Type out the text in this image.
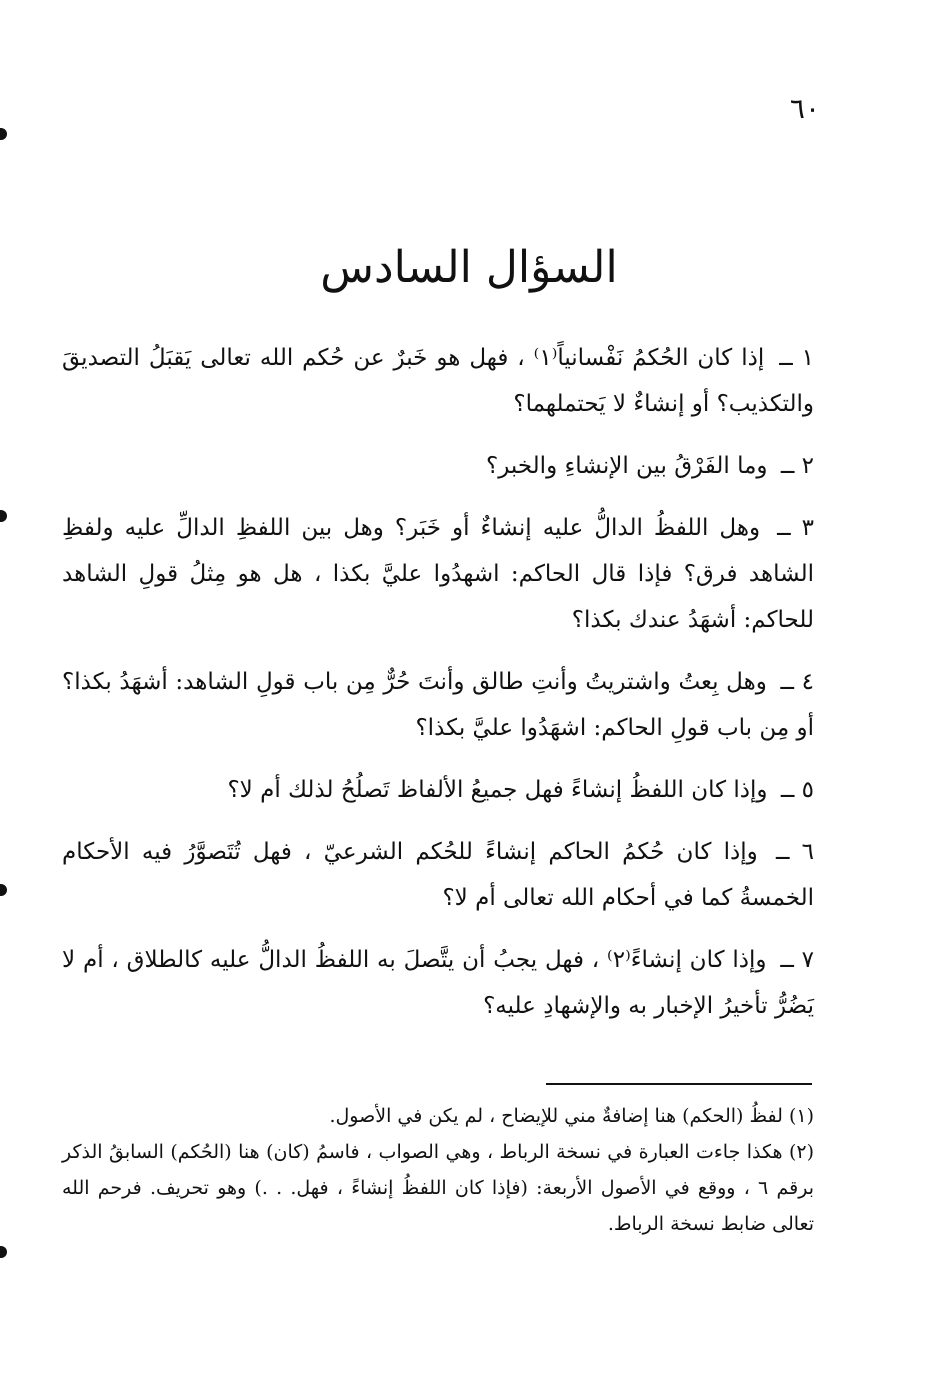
٦٠
السؤال السادس

١ ــ إذا كان الحُكمُ نَفْسانياً⁽١⁾ ، فهل هو خَبرٌ عن حُكم الله تعالى يَقبَلُ التصديقَ والتكذيب؟ أو إنشاءٌ لا يَحتملهما؟

٢ ــ وما الفَرْقُ بين الإنشاءِ والخبر؟

٣ ــ وهل اللفظُ الدالُّ عليه إنشاءٌ أو خَبَر؟ وهل بين اللفظِ الدالِّ عليه ولفظِ الشاهد فرق؟ فإذا قال الحاكم: اشهدُوا عليَّ بكذا ، هل هو مِثلُ قولِ الشاهد للحاكم: أشهَدُ عندك بكذا؟

٤ ــ وهل بِعتُ واشتريتُ وأنتِ طالق وأنتَ حُرٌّ مِن باب قولِ الشاهد: أشهَدُ بكذا؟ أو مِن باب قولِ الحاكم: اشهَدُوا عليَّ بكذا؟

٥ ــ وإذا كان اللفظُ إنشاءً فهل جميعُ الألفاظ تَصلُحُ لذلك أم لا؟

٦ ــ وإذا كان حُكمُ الحاكم إنشاءً للحُكم الشرعيّ ، فهل تُتَصوَّرُ فيه الأحكام الخمسةُ كما في أحكام الله تعالى أم لا؟

٧ ــ وإذا كان إنشاءً⁽٢⁾ ، فهل يجبُ أن يتَّصلَ به اللفظُ الدالُّ عليه كالطلاق ، أم لا يَضُرُّ تأخيرُ الإخبار به والإشهادِ عليه؟

(١) لفظُ (الحكم) هنا إضافةٌ مني للإيضاح ، لم يكن في الأصول.

(٢) هكذا جاءت العبارة في نسخة الرباط ، وهي الصواب ، فاسمُ (كان) هنا (الحُكم) السابقُ الذكر برقم ٦ ، ووقع في الأصول الأربعة: (فإذا كان اللفظُ إنشاءً ، فهل. . .) وهو تحريف. فرحم الله تعالى ضابط نسخة الرباط.
